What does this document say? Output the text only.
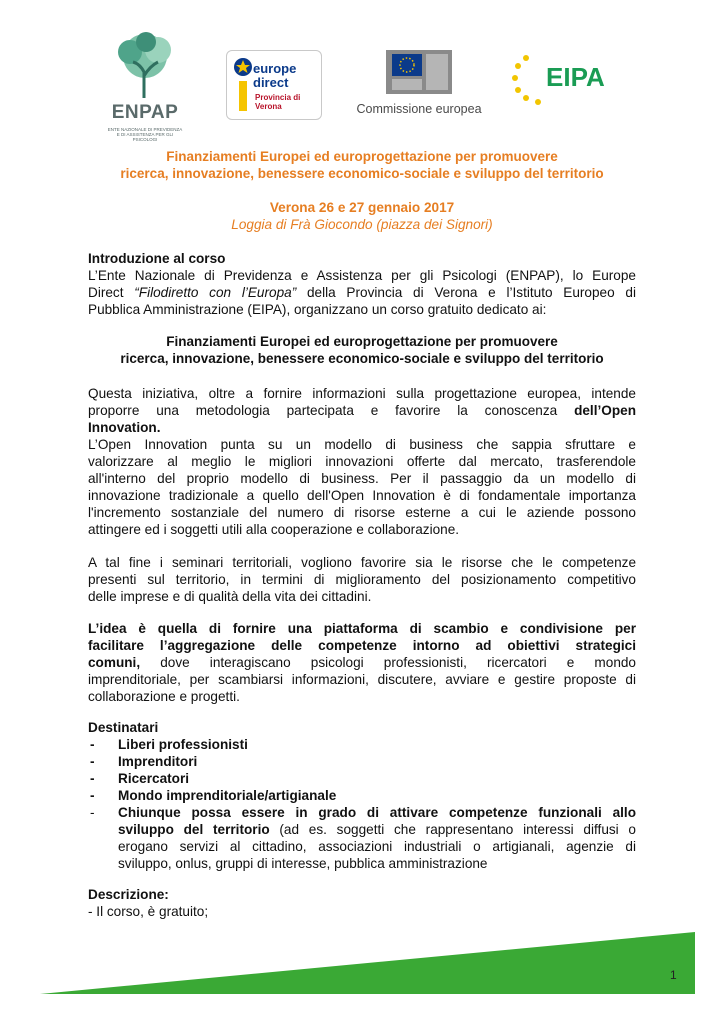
ENPAP
ENTE NAZIONALE DI PREVIDENZA E DI ASSISTENZA PER GLI PSICOLOGI
europe
direct
Provincia di Verona	Commissione europea
EIPA
Finanziamenti Europei ed europrogettazione per promuovere
ricerca, innovazione, benessere economico-sociale e sviluppo del territorio
Verona 26 e 27 gennaio 2017
Loggia di Frà Giocondo (piazza dei Signori)
Introduzione al corso
L’Ente Nazionale di Previdenza e Assistenza per gli Psicologi (ENPAP), lo Europe
Direct “Filodiretto con l’Europa” della Provincia di Verona e l’Istituto Europeo di
Pubblica Amministrazione (EIPA), organizzano un corso gratuito dedicato ai:
Finanziamenti Europei ed europrogettazione per promuovere
ricerca, innovazione, benessere economico-sociale e sviluppo del territorio
Questa iniziativa, oltre a fornire informazioni sulla progettazione europea, intende
proporre una metodologia partecipata e favorire la conoscenza dell’Open
Innovation.
L’Open Innovation punta su un modello di business che sappia sfruttare e
valorizzare al meglio le migliori innovazioni offerte dal mercato, trasferendole
all'interno del proprio modello di business. Per il passaggio da un modello di
innovazione tradizionale a quello dell'Open Innovation è di fondamentale importanza
l'incremento sostanziale del numero di risorse esterne a cui le aziende possono
attingere ed i soggetti utili alla cooperazione e collaborazione.
A tal fine i seminari territoriali, vogliono favorire sia le risorse che le competenze
presenti sul territorio, in termini di miglioramento del posizionamento competitivo
delle imprese e di qualità della vita dei cittadini.
L’idea è quella di fornire una piattaforma di scambio e condivisione per
facilitare l’aggregazione delle competenze intorno ad obiettivi strategici
comuni, dove interagiscano psicologi professionisti, ricercatori e mondo
imprenditoriale, per scambiarsi informazioni, discutere, avviare e gestire proposte di
collaborazione e progetti.
Destinatari
- Liberi professionisti
- Imprenditori
- Ricercatori
- Mondo imprenditoriale/artigianale
- Chiunque possa essere in grado di attivare competenze funzionali allo
sviluppo del territorio (ad es. soggetti che rappresentano interessi diffusi o
erogano servizi al cittadino, associazioni industriali o artigianali, agenzie di
sviluppo, onlus, gruppi di interesse, pubblica amministrazione
Descrizione:
- Il corso, è gratuito;
1
